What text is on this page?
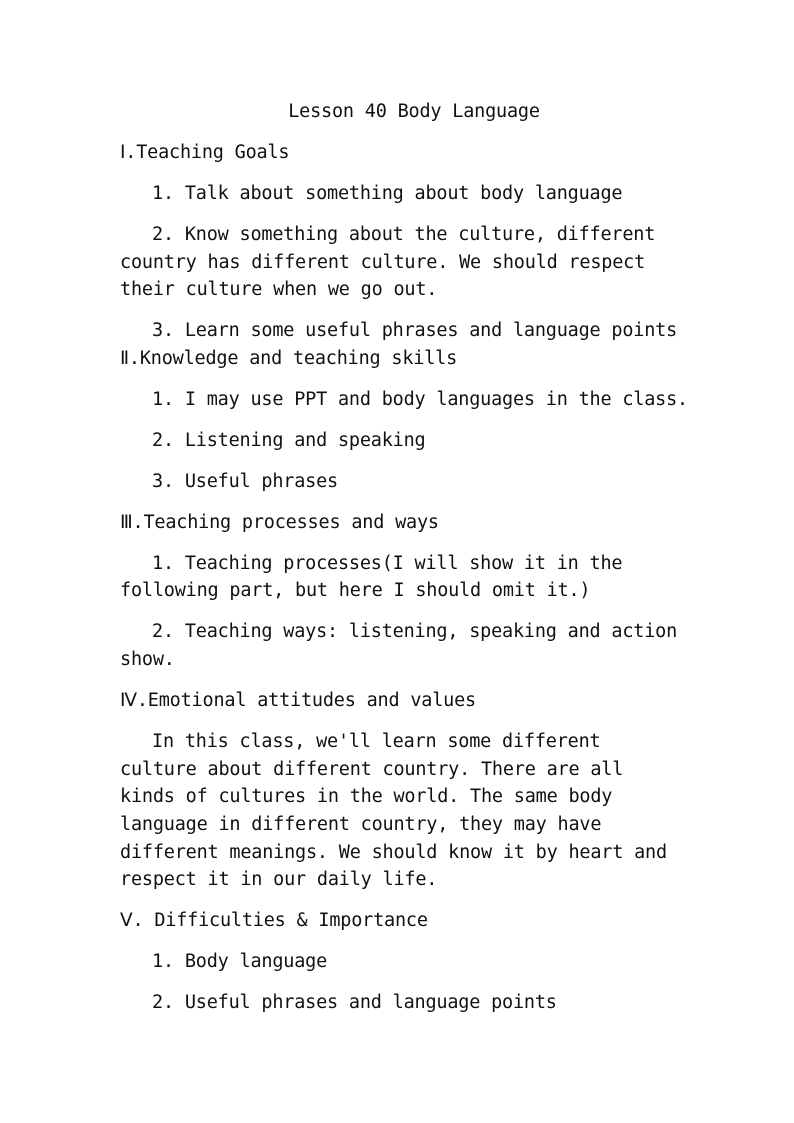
Lesson 40 Body Language

Ⅰ.Teaching Goals

1. Talk about something about body language

2. Know something about the culture, different

country has different culture. We should respect

their culture when we go out.

3. Learn some useful phrases and language points

Ⅱ.Knowledge and teaching skills

1. I may use PPT and body languages in the class.

2. Listening and speaking

3. Useful phrases

Ⅲ.Teaching processes and ways

1. Teaching processes(I will show it in the

following part, but here I should omit it.)

2. Teaching ways: listening, speaking and action

show.

Ⅳ.Emotional attitudes and values

In this class, we'll learn some different

culture about different country. There are all

kinds of cultures in the world. The same body

language in different country, they may have

different meanings. We should know it by heart and

respect it in our daily life.

Ⅴ. Difficulties & Importance

1. Body language

2. Useful phrases and language points
